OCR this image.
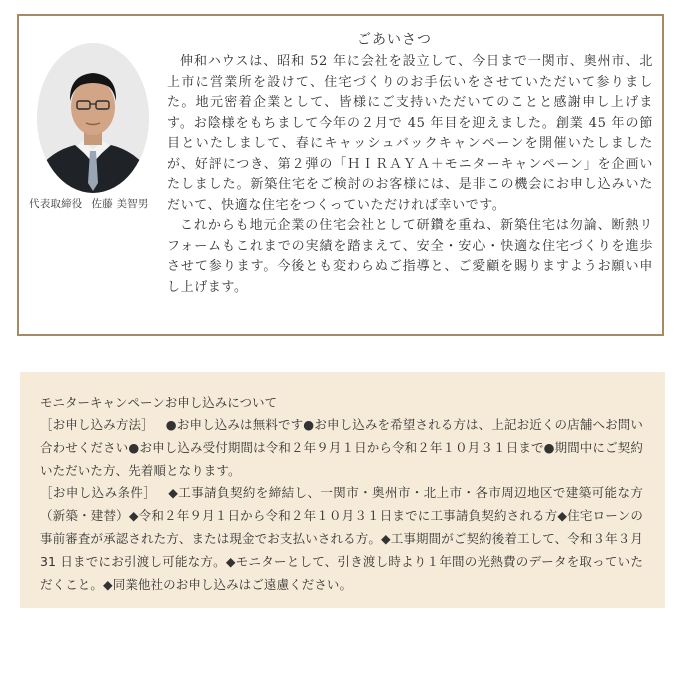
代表取締役 佐藤 美智男
ごあいさつ

伸和ハウスは、昭和 52 年に会社を設立して、今日まで一関市、奥州市、北上市に営業所を設けて、住宅づくりのお手伝いをさせていただいて参りました。地元密着企業として、皆様にご支持いただいてのことと感謝申し上げます。お陰様をもちまして今年の２月で 45 年目を迎えました。創業 45 年の節目といたしまして、春にキャッシュバックキャンペーンを開催いたしましたが、好評につき、第２弾の「ＨＩＲＡＹＡ＋モニターキャンペーン」を企画いたしました。新築住宅をご検討のお客様には、是非この機会にお申し込みいただいて、快適な住宅をつくっていただければ幸いです。

これからも地元企業の住宅会社として研鑽を重ね、新築住宅は勿論、断熱リフォームもこれまでの実績を踏まえて、安全・安心・快適な住宅づくりを進歩させて参ります。今後とも変わらぬご指導と、ご愛顧を賜りますようお願い申し上げます。

モニターキャンペーンお申し込みについて

［お申し込み方法］ ●お申し込みは無料です●お申し込みを希望される方は、上記お近くの店舗へお問い合わせください●お申し込み受付期間は令和２年９月１日から令和２年１０月３１日まで●期間中にご契約いただいた方、先着順となります。

［お申し込み条件］ ◆工事請負契約を締結し、一関市・奥州市・北上市・各市周辺地区で建築可能な方（新築・建替）◆令和２年９月１日から令和２年１０月３１日までに工事請負契約される方◆住宅ローンの事前審査が承認された方、または現金でお支払いされる方。◆工事期間がご契約後着工して、令和３年３月 31 日までにお引渡し可能な方。◆モニターとして、引き渡し時より１年間の光熱費のデータを取っていただくこと。◆同業他社のお申し込みはご遠慮ください。
